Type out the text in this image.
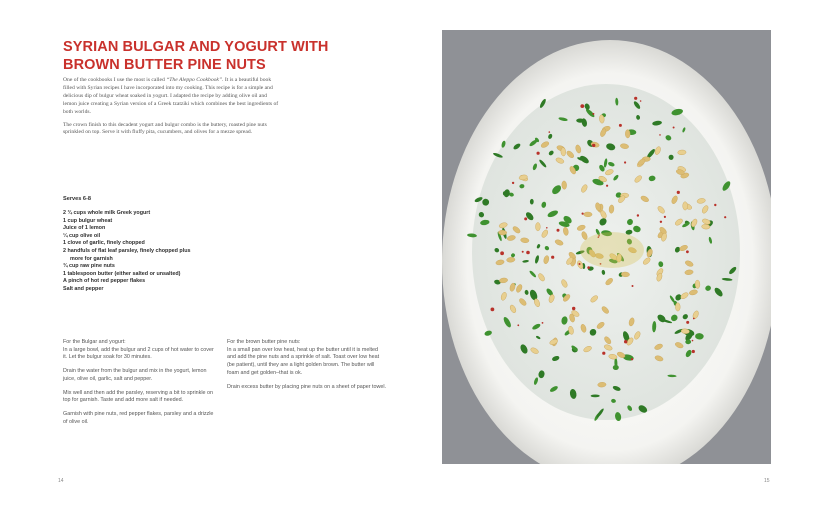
SYRIAN BULGAR AND YOGURT WITH BROWN BUTTER PINE NUTS

One of the cookbooks I use the most is called “The Aleppo Cookbook”. It is a beautiful book filled with Syrian recipes I have incorporated into my cooking. This recipe is for a simple and delicious dip of bulgur wheat soaked in yogurt. I adapted the recipe by adding olive oil and lemon juice creating a Syrian version of a Greek tzatziki which combines the best ingredients of both worlds.

The crown finish to this decadent yogurt and bulgur combo is the buttery, roasted pine nuts sprinkled on top. Serve it with fluffy pita, cucumbers, and olives for a mezze spread.

Serves 6-8
2 ¾ cups whole milk Greek yogurt
1 cup bulgur wheat
Juice of 1 lemon
¼ cup olive oil
1 clove of garlic, finely chopped
2 handfuls of flat leaf parsley, finely chopped plus
more for garnish
¾ cup raw pine nuts
1 tablespoon butter (either salted or unsalted)
A pinch of hot red pepper flakes
Salt and pepper

For the Bulgar and yogurt:

In a large bowl, add the bulgur and 2 cups of hot water to cover it. Let the bulgur soak for 30 minutes.

Drain the water from the bulgur and mix in the yogurt, lemon juice, olive oil, garlic, salt and pepper.

Mix well and then add the parsley, reserving a bit to sprinkle on top for garnish. Taste and add more salt if needed.

Garnish with pine nuts, red pepper flakes, parsley and a drizzle of olive oil.

For the brown butter pine nuts:

In a small pan over low heat, heat up the butter until it is melted and add the pine nuts and a sprinkle of salt. Toast over low heat (be patient), until they are a light golden brown. The butter will foam and get golden–that is ok.

Drain excess butter by placing pine nuts on a sheet of paper towel.

14	15
